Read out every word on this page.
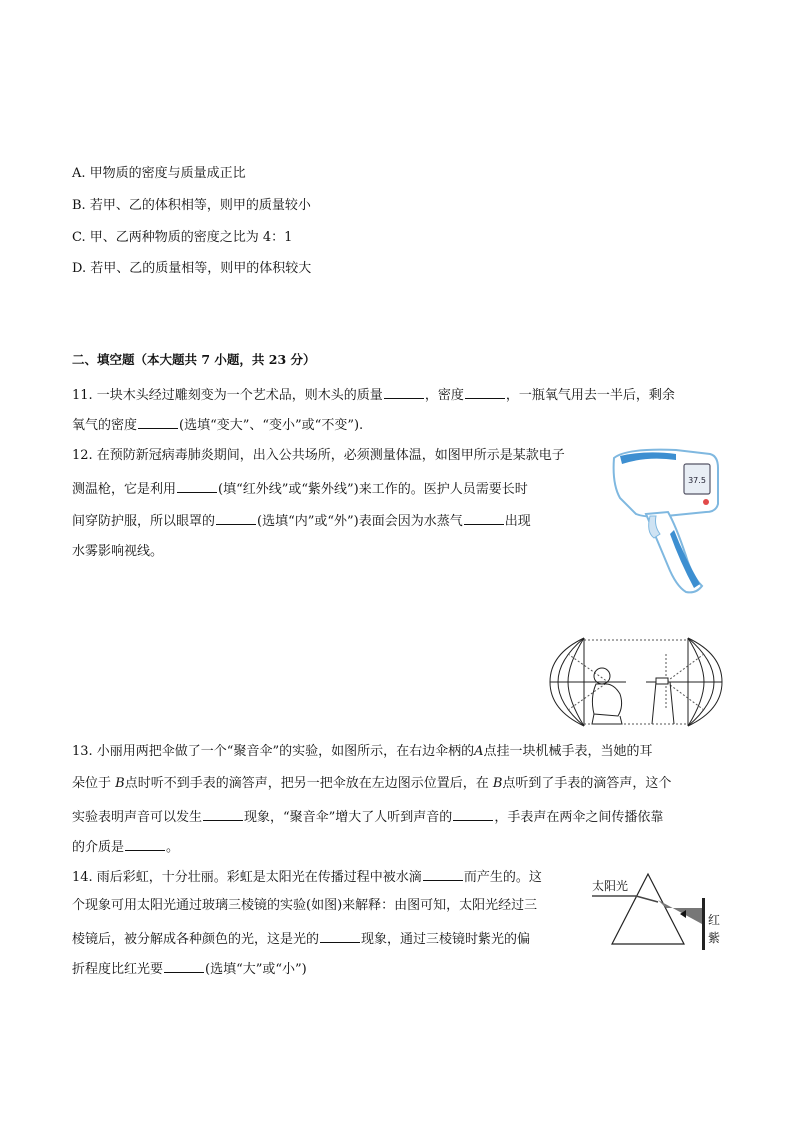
A. 甲物质的密度与质量成正比
B. 若甲、乙的体积相等，则甲的质量较小
C. 甲、乙两种物质的密度之比为 4：1
D. 若甲、乙的质量相等，则甲的体积较大
二、填空题（本大题共 7 小题，共 23 分）
11. 一块木头经过雕刻变为一个艺术品，则木头的质量	，密度	，一瓶氧气用去一半后，剩余
氧气的密度	(选填“变大”、“变小”或“不变”).
12. 在预防新冠病毒肺炎期间，出入公共场所，必须测量体温，如图甲所示是某款电子
测温枪，它是利用	(填“红外线”或“紫外线”)来工作的。医护人员需要长时
间穿防护服，所以眼罩的	(选填“内”或“外”)表面会因为水蒸气	出现
水雾影响视线。
37.5
13. 小丽用两把伞做了一个“聚音伞”的实验，如图所示，在右边伞柄的A点挂一块机械手表，当她的耳
朵位于 B点时听不到手表的滴答声，把另一把伞放在左边图示位置后，在 B点听到了手表的滴答声，这个
实验表明声音可以发生	现象，“聚音伞”增大了人听到声音的	，手表声在两伞之间传播依靠
的介质是	。
14. 雨后彩虹，十分壮丽。彩虹是太阳光在传播过程中被水滴	而产生的。这
个现象可用太阳光通过玻璃三棱镜的实验(如图)来解释：由图可知，太阳光经过三
棱镜后，被分解成各种颜色的光，这是光的	现象，通过三棱镜时紫光的偏
折程度比红光要	(选填“大”或“小”)
太阳光
红
紫
